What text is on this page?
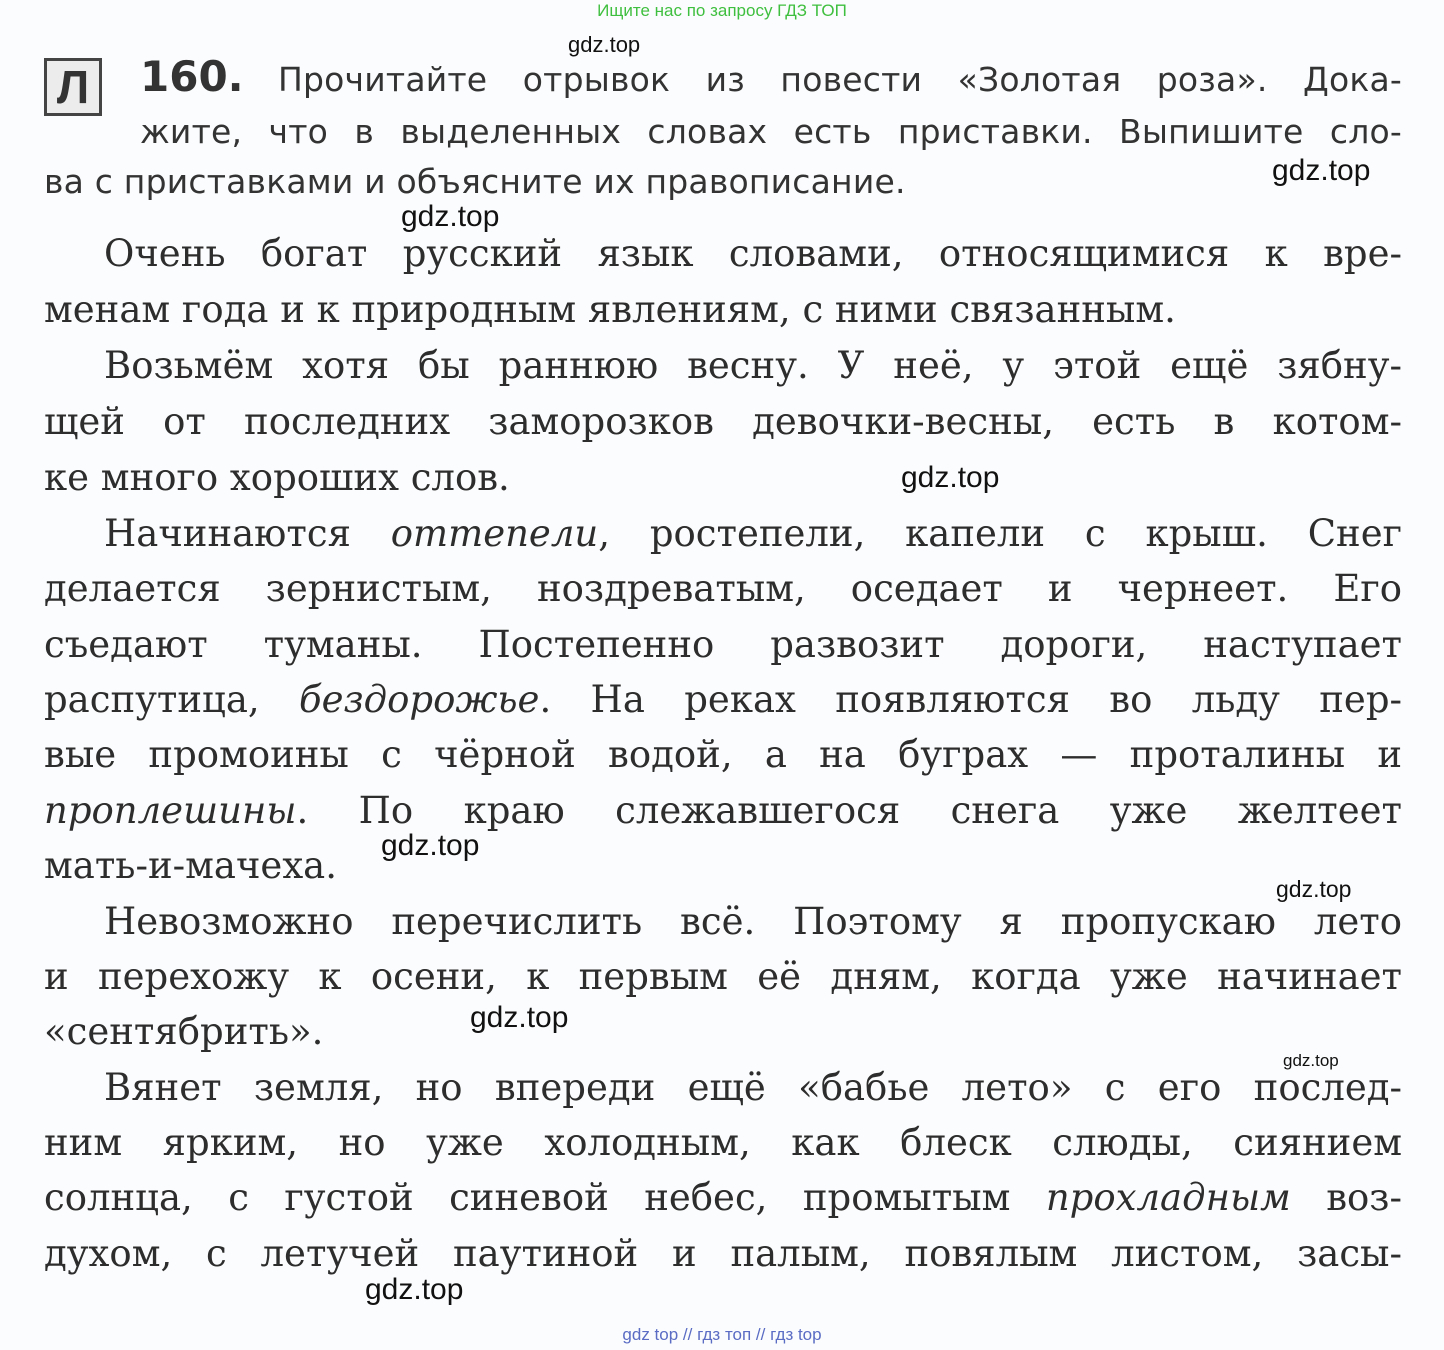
Ищите нас по запросу ГДЗ ТОП
Л	160. Прочитайте отрывок из повести «Золотая роза». Дока-
жите, что в выделенных словах есть приставки. Выпишите сло-
ва с приставками и объясните их правописание.
Очень богат русский язык словами, относящимися к вре-
менам года и к природным явлениям, с ними связанным.
Возьмём хотя бы раннюю весну. У неё, у этой ещё зябну-
щей от последних заморозков девочки-весны, есть в котом-
ке много хороших слов.
Начинаются оттепели, ростепели, капели с крыш. Снег
делается зернистым, ноздреватым, оседает и чернеет. Его
съедают туманы. Постепенно развозит дороги, наступает
распутица, бездорожье. На реках появляются во льду пер-
вые промоины с чёрной водой, а на буграх — проталины и
проплешины. По краю слежавшегося снега уже желтеет
мать-и-мачеха.
Невозможно перечислить всё. Поэтому я пропускаю лето
и перехожу к осени, к первым её дням, когда уже начинает
«сентябрить».
Вянет земля, но впереди ещё «бабье лето» с его послед-
ним ярким, но уже холодным, как блеск слюды, сиянием
солнца, с густой синевой небес, промытым прохладным воз-
духом, с летучей паутиной и палым, повялым листом, засы-
gdz top // гдз топ // гдз top
gdz.top
gdz.top
gdz.top
gdz.top
gdz.top
gdz.top
gdz.top
gdz.top
gdz.top
